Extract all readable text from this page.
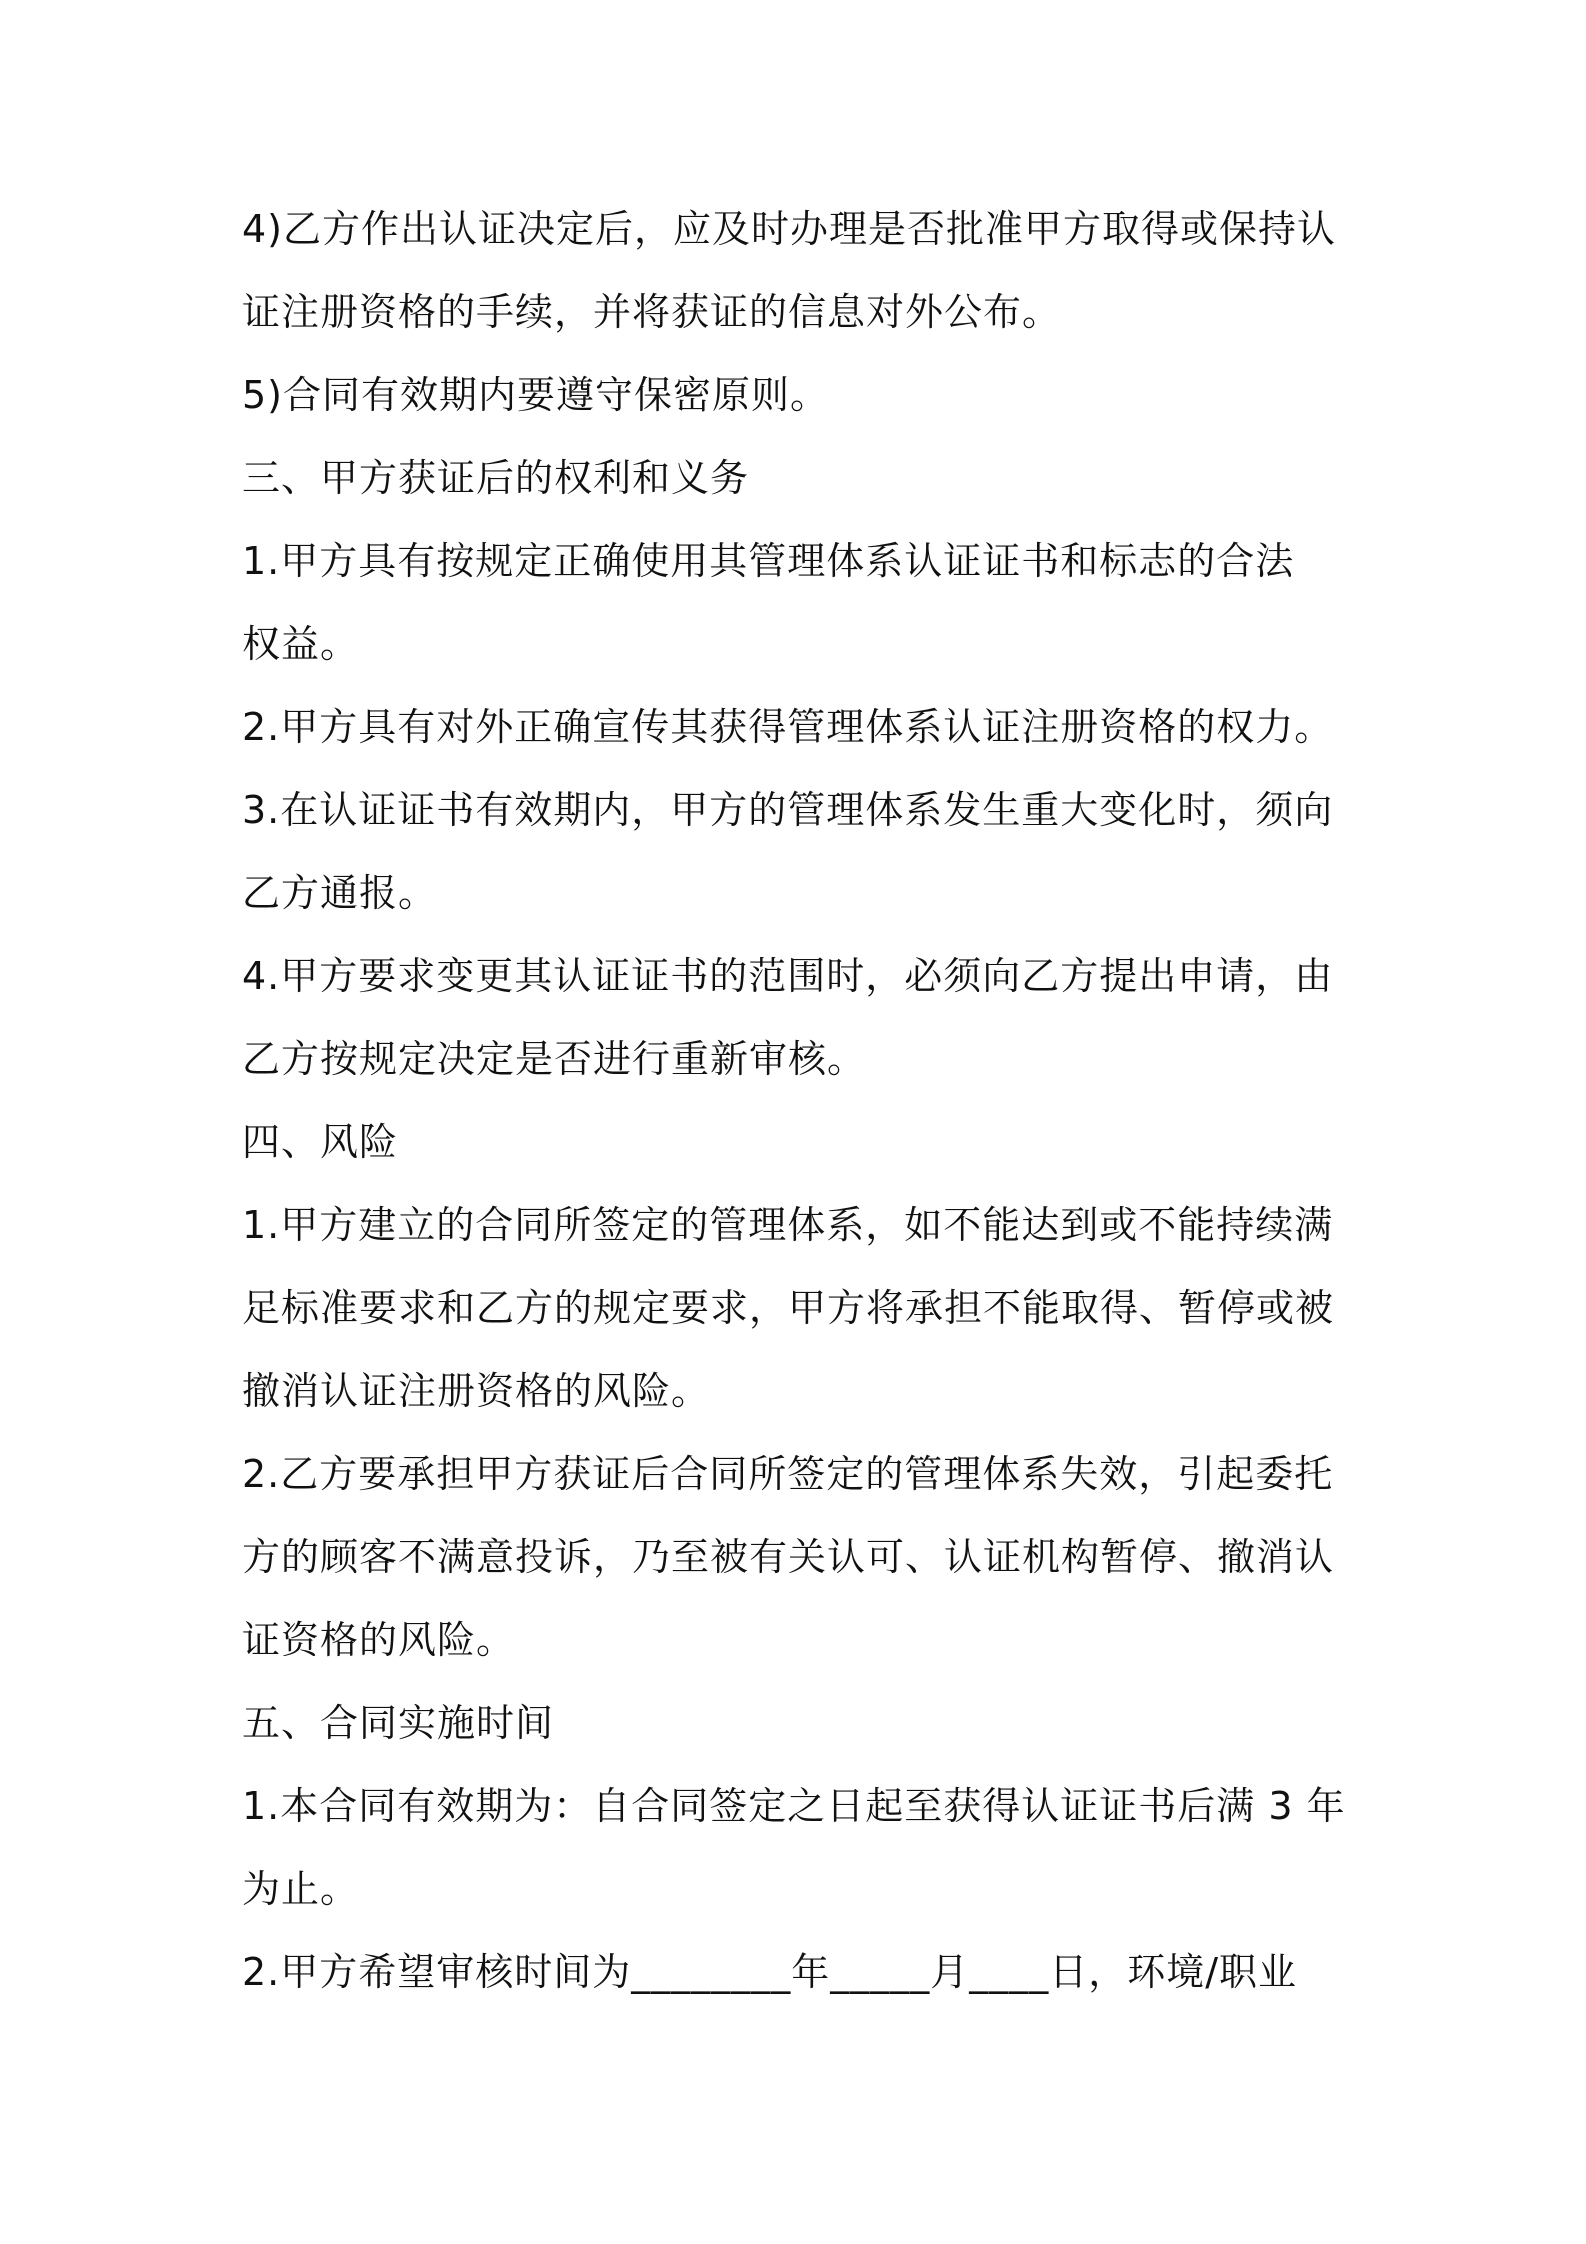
4)乙方作出认证决定后，应及时办理是否批准甲方取得或保持认
证注册资格的手续，并将获证的信息对外公布。
5)合同有效期内要遵守保密原则。
三、甲方获证后的权利和义务
1.甲方具有按规定正确使用其管理体系认证证书和标志的合法
权益。
2.甲方具有对外正确宣传其获得管理体系认证注册资格的权力。
3.在认证证书有效期内，甲方的管理体系发生重大变化时，须向
乙方通报。
4.甲方要求变更其认证证书的范围时，必须向乙方提出申请，由
乙方按规定决定是否进行重新审核。
四、风险
1.甲方建立的合同所签定的管理体系，如不能达到或不能持续满
足标准要求和乙方的规定要求，甲方将承担不能取得、暂停或被
撤消认证注册资格的风险。
2.乙方要承担甲方获证后合同所签定的管理体系失效，引起委托
方的顾客不满意投诉，乃至被有关认可、认证机构暂停、撤消认
证资格的风险。
五、合同实施时间
1.本合同有效期为：自合同签定之日起至获得认证证书后满 3 年
为止。
2.甲方希望审核时间为________年_____月____日，环境/职业
